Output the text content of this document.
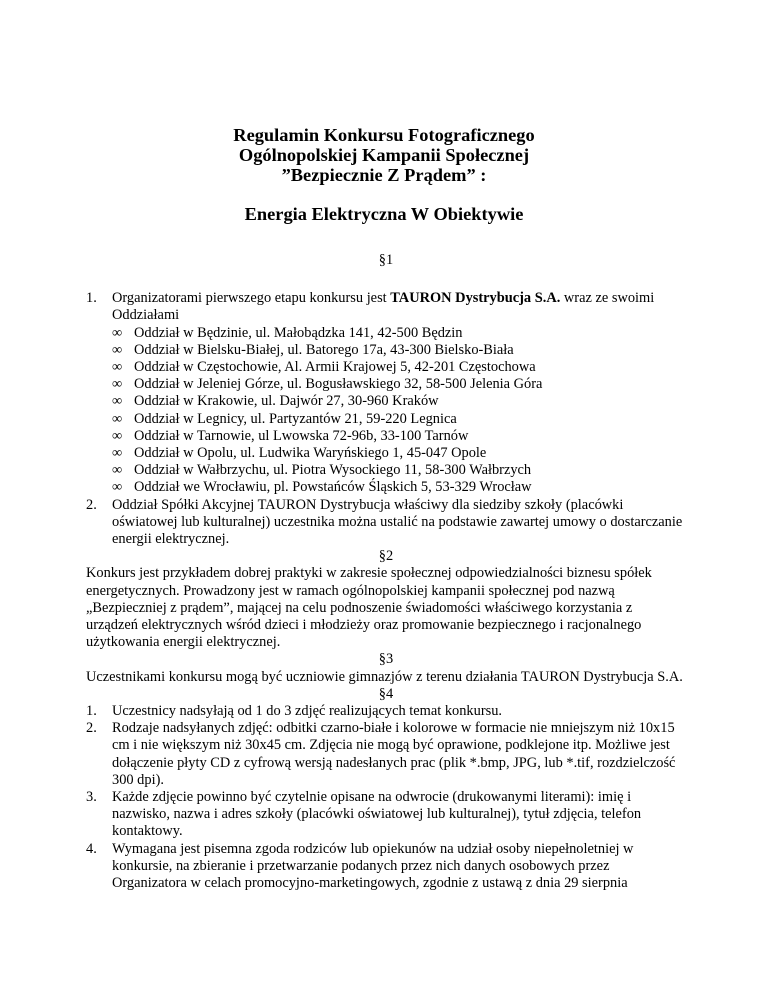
Regulamin Konkursu Fotograficznego
Ogólnopolskiej Kampanii Społecznej
”Bezpiecznie Z Prądem” :
Energia Elektryczna W Obiektywie
§1
1. Organizatorami pierwszego etapu konkursu jest TAURON Dystrybucja S.A. wraz ze swoimi Oddziałami
∞ Oddział w Będzinie, ul. Małobądzka 141, 42-500 Będzin
∞ Oddział w Bielsku-Białej, ul. Batorego 17a, 43-300 Bielsko-Biała
∞ Oddział w Częstochowie, Al. Armii Krajowej 5, 42-201 Częstochowa
∞ Oddział w Jeleniej Górze, ul. Bogusławskiego 32, 58-500 Jelenia Góra
∞ Oddział w Krakowie, ul. Dajwór 27, 30-960 Kraków
∞ Oddział w Legnicy, ul. Partyzantów 21, 59-220 Legnica
∞ Oddział w Tarnowie, ul Lwowska 72-96b, 33-100 Tarnów
∞ Oddział w Opolu, ul. Ludwika Waryńskiego 1, 45-047 Opole
∞ Oddział w Wałbrzychu, ul. Piotra Wysockiego 11, 58-300 Wałbrzych
∞ Oddział we Wrocławiu, pl. Powstańców Śląskich 5, 53-329 Wrocław
2. Oddział Spółki Akcyjnej TAURON Dystrybucja właściwy dla siedziby szkoły (placówki oświatowej lub kulturalnej) uczestnika można ustalić na podstawie zawartej umowy o dostarczanie energii elektrycznej.
§2
Konkurs jest przykładem dobrej praktyki w zakresie społecznej odpowiedzialności biznesu spółek energetycznych. Prowadzony jest w ramach ogólnopolskiej kampanii społecznej pod nazwą „Bezpieczniej z prądem”, mającej na celu podnoszenie świadomości właściwego korzystania z urządzeń elektrycznych wśród dzieci i młodzieży oraz promowanie bezpiecznego i racjonalnego użytkowania energii elektrycznej.
§3
Uczestnikami konkursu mogą być uczniowie gimnazjów z terenu działania TAURON Dystrybucja S.A.
§4
1. Uczestnicy nadsyłają od 1 do 3 zdjęć realizujących temat konkursu.
2. Rodzaje nadsyłanych zdjęć: odbitki czarno-białe i kolorowe w formacie nie mniejszym niż 10x15 cm i nie większym niż 30x45 cm. Zdjęcia nie mogą być oprawione, podklejone itp. Możliwe jest dołączenie płyty CD z cyfrową wersją nadesłanych prac (plik *.bmp, JPG, lub *.tif, rozdzielczość 300 dpi).
3. Każde zdjęcie powinno być czytelnie opisane na odwrocie (drukowanymi literami): imię i nazwisko, nazwa i adres szkoły (placówki oświatowej lub kulturalnej), tytuł zdjęcia, telefon kontaktowy.
4. Wymagana jest pisemna zgoda rodziców lub opiekunów na udział osoby niepełnoletniej w konkursie, na zbieranie i przetwarzanie podanych przez nich danych osobowych przez Organizatora w celach promocyjno-marketingowych, zgodnie z ustawą z dnia 29 sierpnia
